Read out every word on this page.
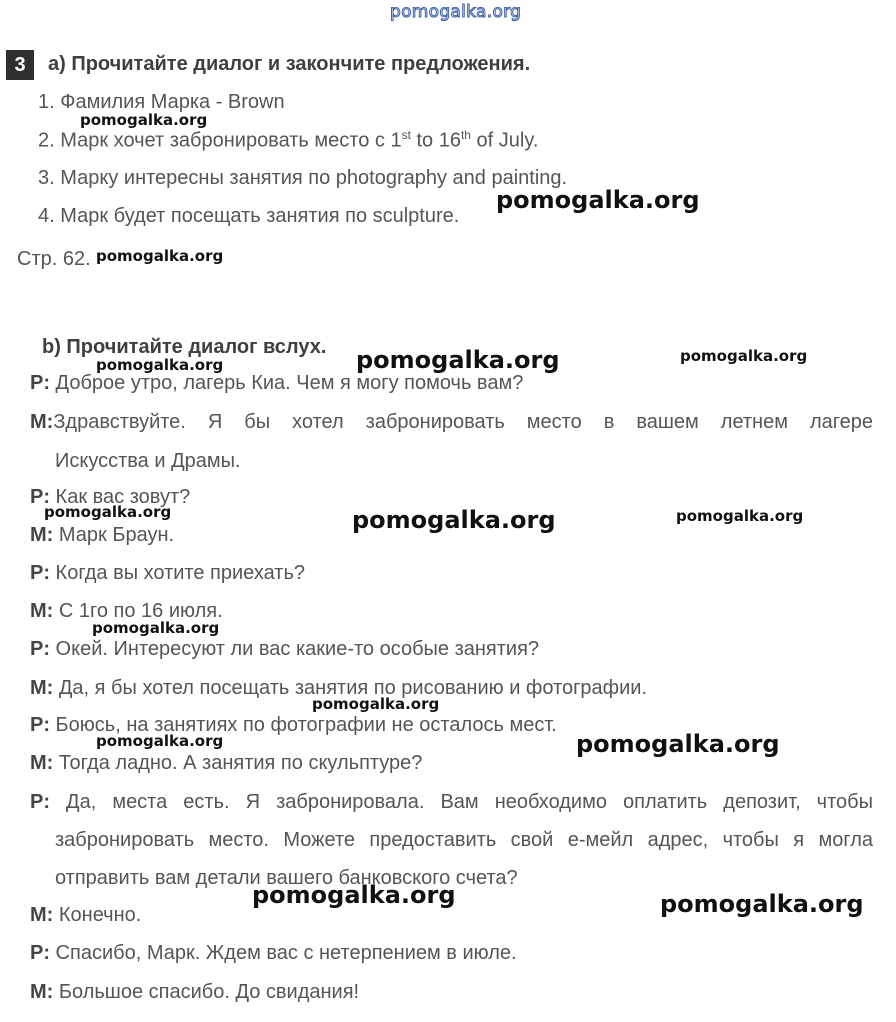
pomogalka.org
3	a) Прочитайте диалог и закончите предложения.
1. Фамилия Марка - Brown
2. Марк хочет забронировать место с 1st to 16th of July.
3. Марку интересны занятия по photography and painting.
4. Марк будет посещать занятия по sculpture.
Стр. 62.
b) Прочитайте диалог вслух.
P: Доброе утро, лагерь Киа. Чем я могу помочь вам?
M:Здравствуйте. Я бы хотел забронировать место в вашем летнем лагере
Искусства и Драмы.
P: Как вас зовут?
M: Марк Браун.
P: Когда вы хотите приехать?
M: С 1го по 16 июля.
P: Окей. Интересуют ли вас какие-то особые занятия?
M: Да, я бы хотел посещать занятия по рисованию и фотографии.
P: Боюсь, на занятиях по фотографии не осталось мест.
M: Тогда ладно. А занятия по скульптуре?
P: Да, места есть. Я забронировала. Вам необходимо оплатить депозит, чтобы
забронировать место. Можете предоставить свой е-мейл адрес, чтобы я могла
отправить вам детали вашего банковского счета?
M: Конечно.
P: Спасибо, Марк. Ждем вас с нетерпением в июле.
M: Большое спасибо. До свидания!
pomogalka.org
pomogalka.org
pomogalka.org
pomogalka.org	pomogalka.org	pomogalka.org
pomogalka.org	pomogalka.org	pomogalka.org
pomogalka.org
pomogalka.org
pomogalka.org	pomogalka.org
pomogalka.org	pomogalka.org
